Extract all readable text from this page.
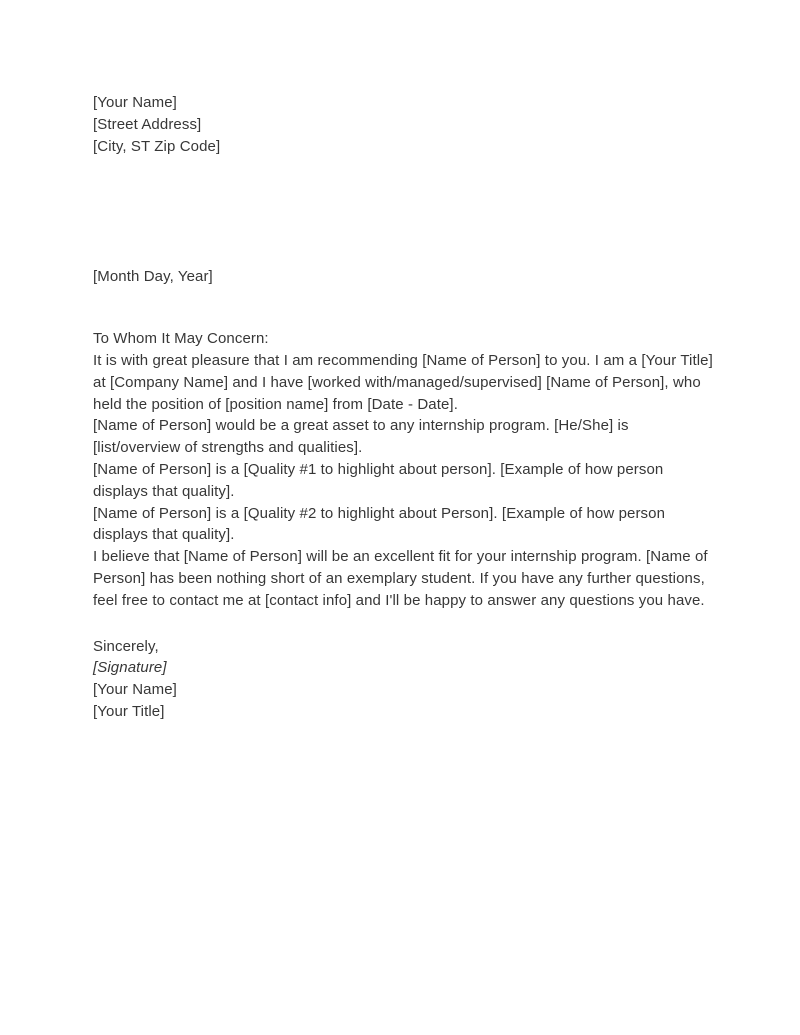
[Your Name]
[Street Address]
[City, ST Zip Code]
[Month Day, Year]
To Whom It May Concern:
It is with great pleasure that I am recommending [Name of Person] to you. I am a [Your Title] at [Company Name] and I have [worked with/managed/supervised] [Name of Person], who held the position of [position name] from [Date - Date].
[Name of Person] would be a great asset to any internship program. [He/She] is [list/overview of strengths and qualities].
[Name of Person] is a [Quality #1 to highlight about person]. [Example of how person displays that quality].
[Name of Person] is a [Quality #2 to highlight about Person]. [Example of how person displays that quality].
I believe that [Name of Person] will be an excellent fit for your internship program. [Name of Person] has been nothing short of an exemplary student. If you have any further questions, feel free to contact me at [contact info] and I'll be happy to answer any questions you have.
Sincerely,
[Signature]
[Your Name]
[Your Title]
